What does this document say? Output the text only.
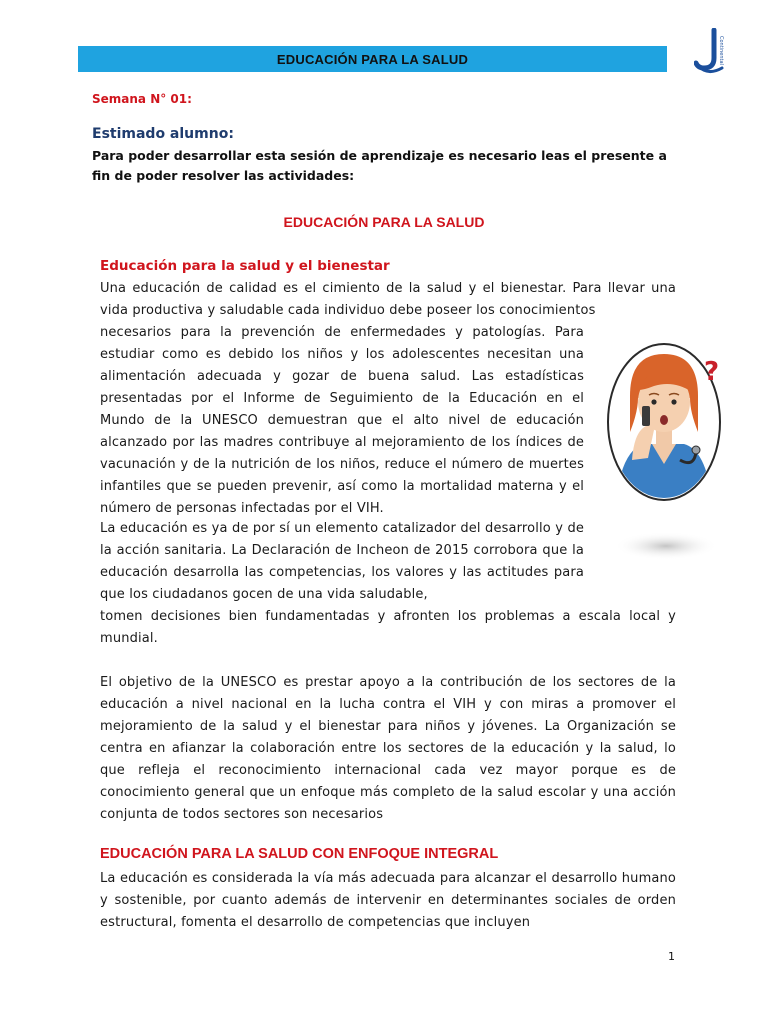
EDUCACIÓN PARA LA SALUD	Continental
Semana N° 01:
Estimado alumno:
Para poder desarrollar esta sesión de aprendizaje es necesario leas el presente a fin de poder resolver las actividades:
EDUCACIÓN PARA LA SALUD
Educación para la salud y el bienestar
Una educación de calidad es el cimiento de la salud y el bienestar. Para llevar una vida productiva y saludable cada individuo debe poseer los conocimientos
necesarios para la prevención de enfermedades y patologías. Para estudiar como es debido los niños y los adolescentes necesitan una alimentación adecuada y gozar de buena salud. Las estadísticas presentadas por el Informe de Seguimiento de la Educación en el Mundo de la UNESCO demuestran que el alto nivel de educación alcanzado por las madres contribuye al mejoramiento de los índices de vacunación y de la nutrición de los niños, reduce el número de muertes infantiles que se pueden prevenir, así como la mortalidad materna y el número de personas infectadas por el VIH.
La educación es ya de por sí un elemento catalizador del desarrollo y de la acción sanitaria. La Declaración de Incheon de 2015 corrobora que la educación desarrolla las competencias, los valores y las actitudes para que los ciudadanos gocen de una vida saludable,
tomen decisiones bien fundamentadas y afronten los problemas a escala local y mundial.
El objetivo de la UNESCO es prestar apoyo a la contribución de los sectores de la educación a nivel nacional en la lucha contra el VIH y con miras a promover el mejoramiento de la salud y el bienestar para niños y jóvenes. La Organización se centra en afianzar la colaboración entre los sectores de la educación y la salud, lo que refleja el reconocimiento internacional cada vez mayor porque es de conocimiento general que un enfoque más completo de la salud escolar y una acción conjunta de todos sectores son necesarios
EDUCACIÓN PARA LA SALUD CON ENFOQUE INTEGRAL
La educación es considerada la vía más adecuada para alcanzar el desarrollo humano y sostenible, por cuanto además de intervenir en determinantes sociales de orden estructural, fomenta el desarrollo de competencias que incluyen
?
1
